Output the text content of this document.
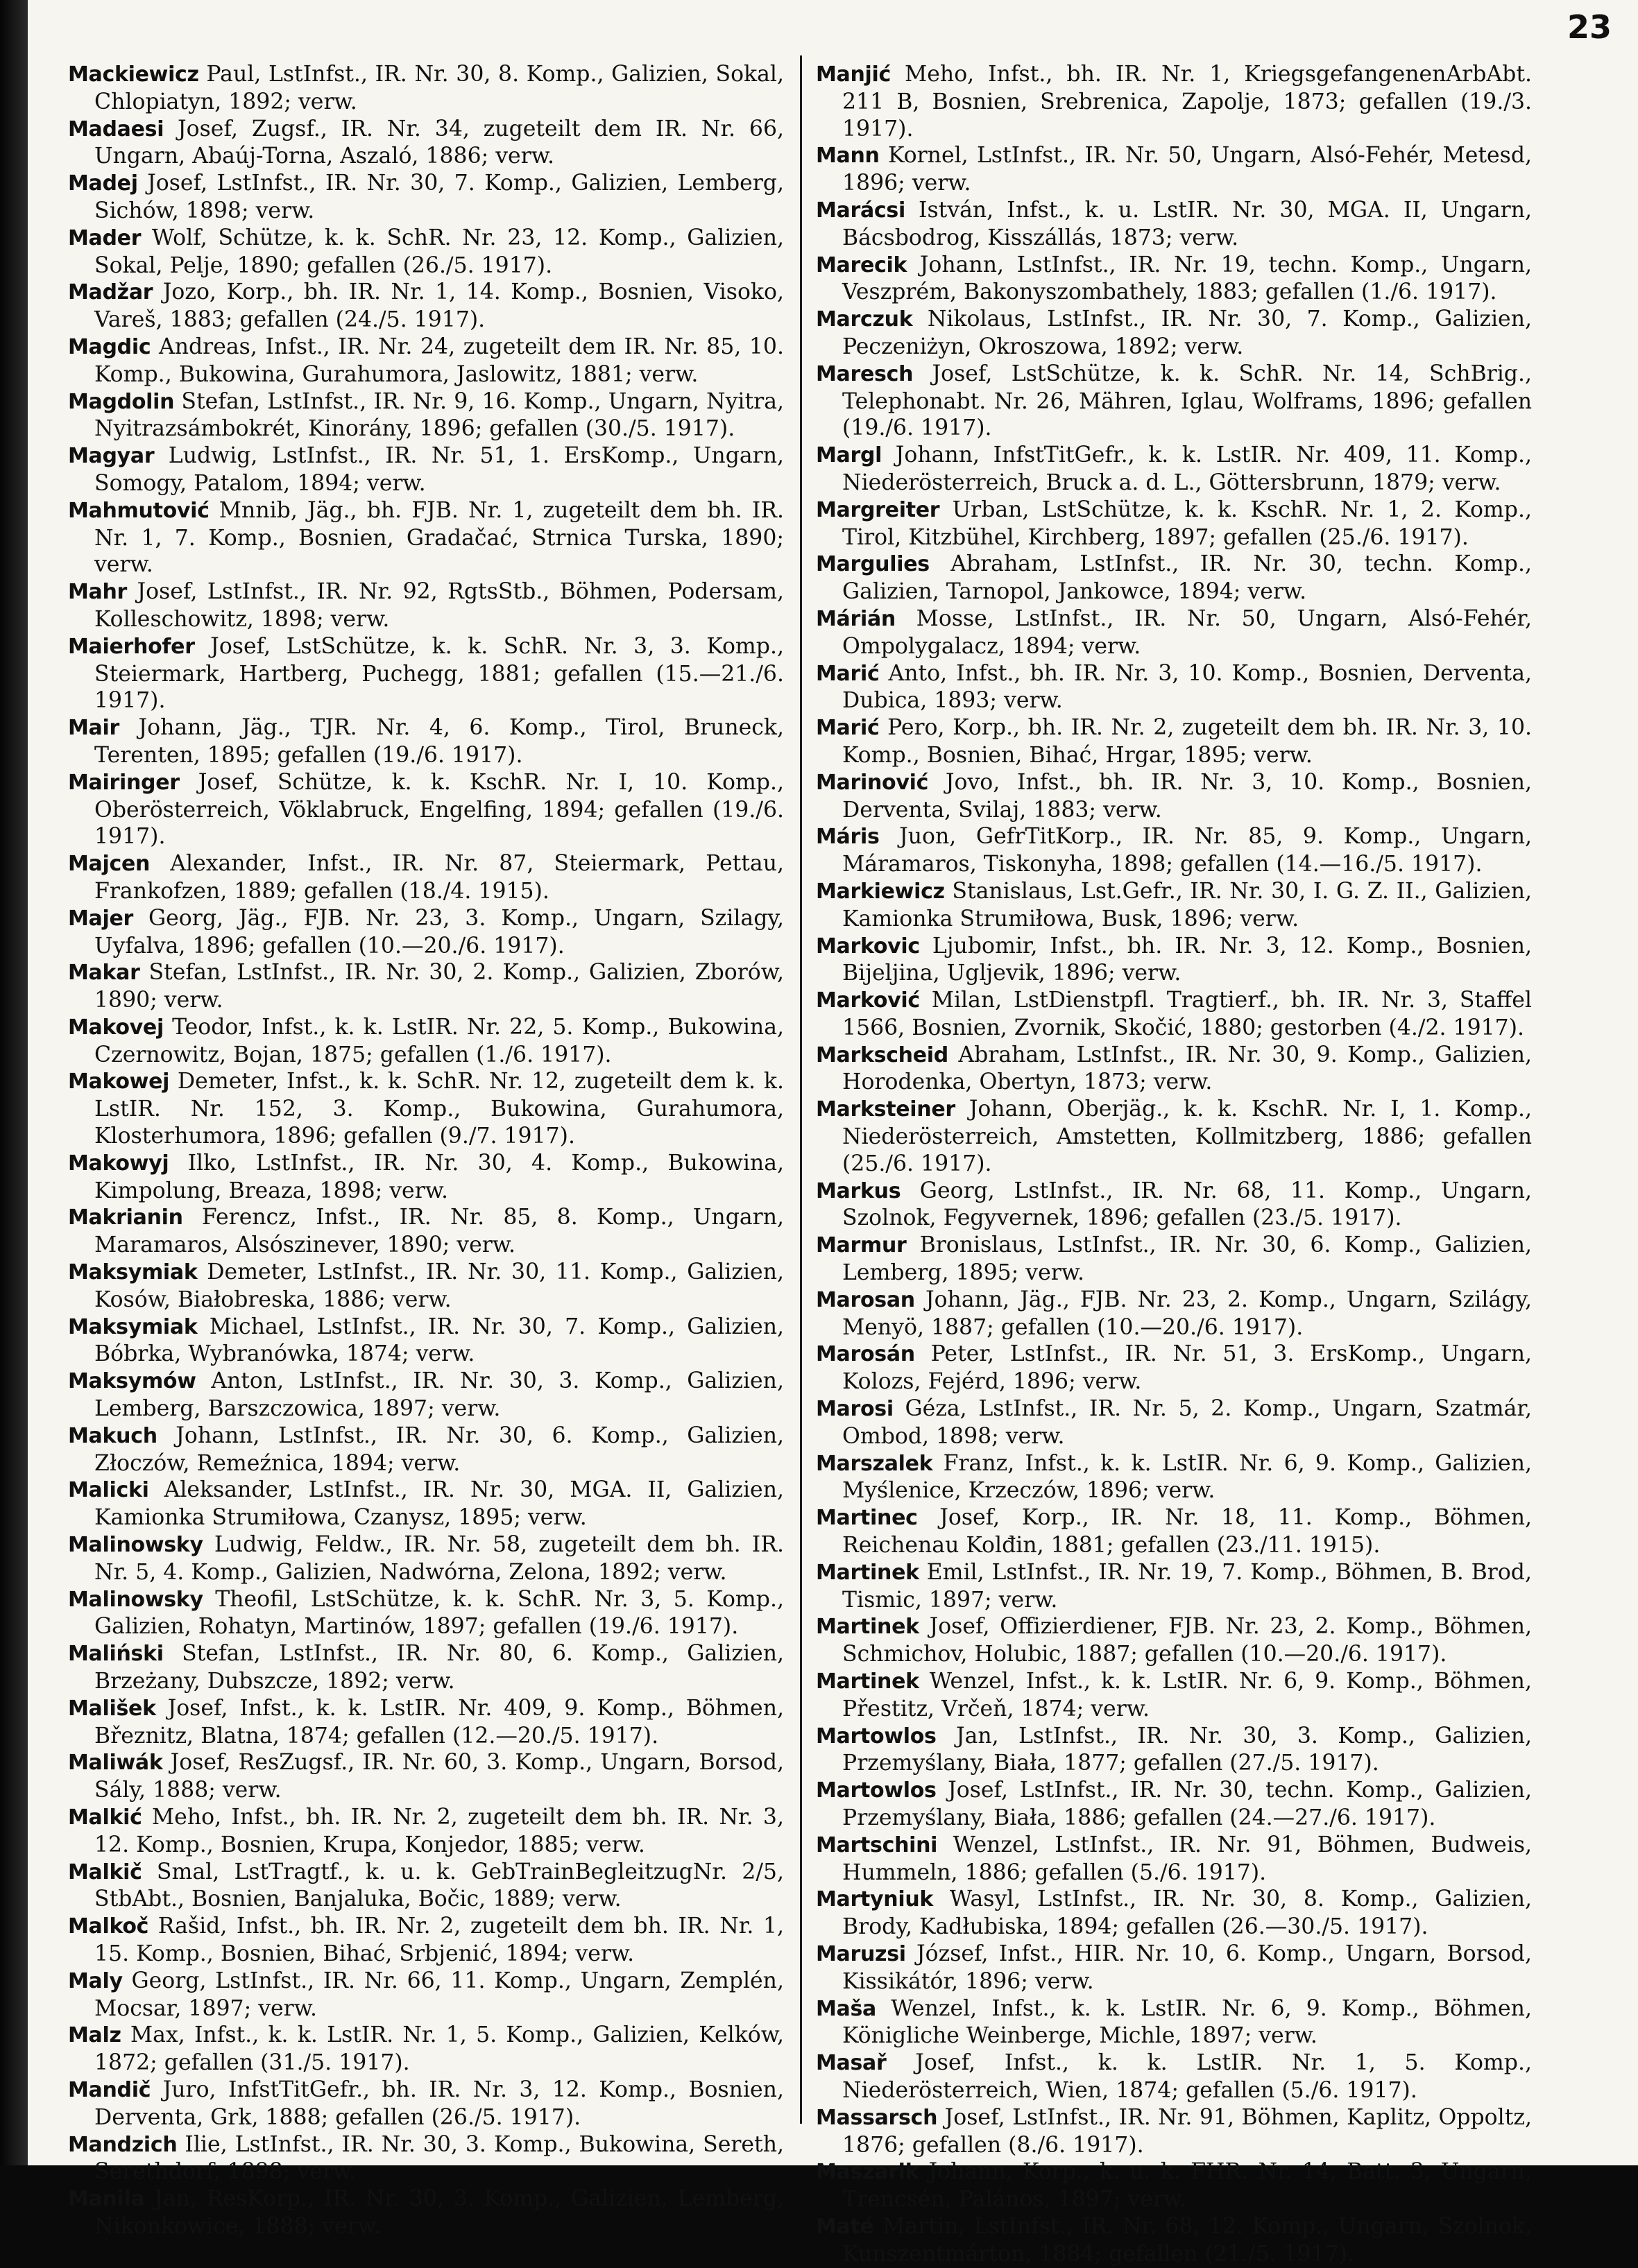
23

Mackiewicz Paul, LstInfst., IR. Nr. 30, 8. Komp., Galizien, Sokal, Chlopiatyn, 1892; verw.

Madaesi Josef, Zugsf., IR. Nr. 34, zugeteilt dem IR. Nr. 66, Ungarn, Abaúj-Torna, Aszaló, 1886; verw.

Madej Josef, LstInfst., IR. Nr. 30, 7. Komp., Galizien, Lemberg, Sichów, 1898; verw.

Mader Wolf, Schütze, k. k. SchR. Nr. 23, 12. Komp., Galizien, Sokal, Pelje, 1890; gefallen (26./5. 1917).

Madžar Jozo, Korp., bh. IR. Nr. 1, 14. Komp., Bosnien, Visoko, Vareš, 1883; gefallen (24./5. 1917).

Magdic Andreas, Infst., IR. Nr. 24, zugeteilt dem IR. Nr. 85, 10. Komp., Bukowina, Gurahumora, Jaslowitz, 1881; verw.

Magdolin Stefan, LstInfst., IR. Nr. 9, 16. Komp., Ungarn, Nyitra, Nyitrazsámbokrét, Kinorány, 1896; gefallen (30./5. 1917).

Magyar Ludwig, LstInfst., IR. Nr. 51, 1. ErsKomp., Ungarn, Somogy, Patalom, 1894; verw.

Mahmutović Mnnib, Jäg., bh. FJB. Nr. 1, zugeteilt dem bh. IR. Nr. 1, 7. Komp., Bosnien, Gradačać, Strnica Turska, 1890; verw.

Mahr Josef, LstInfst., IR. Nr. 92, RgtsStb., Böhmen, Podersam, Kolleschowitz, 1898; verw.

Maierhofer Josef, LstSchütze, k. k. SchR. Nr. 3, 3. Komp., Steiermark, Hartberg, Puchegg, 1881; gefallen (15.—21./6. 1917).

Mair Johann, Jäg., TJR. Nr. 4, 6. Komp., Tirol, Bruneck, Terenten, 1895; gefallen (19./6. 1917).

Mairinger Josef, Schütze, k. k. KschR. Nr. I, 10. Komp., Oberösterreich, Vöklabruck, Engelfing, 1894; gefallen (19./6. 1917).

Majcen Alexander, Infst., IR. Nr. 87, Steiermark, Pettau, Frankofzen, 1889; gefallen (18./4. 1915).

Majer Georg, Jäg., FJB. Nr. 23, 3. Komp., Ungarn, Szilagy, Uyfalva, 1896; gefallen (10.—20./6. 1917).

Makar Stefan, LstInfst., IR. Nr. 30, 2. Komp., Galizien, Zborów, 1890; verw.

Makovej Teodor, Infst., k. k. LstIR. Nr. 22, 5. Komp., Bukowina, Czernowitz, Bojan, 1875; gefallen (1./6. 1917).

Makowej Demeter, Infst., k. k. SchR. Nr. 12, zugeteilt dem k. k. LstIR. Nr. 152, 3. Komp., Bukowina, Gurahumora, Klosterhumora, 1896; gefallen (9./7. 1917).

Makowyj Ilko, LstInfst., IR. Nr. 30, 4. Komp., Bukowina, Kimpolung, Breaza, 1898; verw.

Makrianin Ferencz, Infst., IR. Nr. 85, 8. Komp., Ungarn, Maramaros, Alsószinever, 1890; verw.

Maksymiak Demeter, LstInfst., IR. Nr. 30, 11. Komp., Galizien, Kosów, Białobreska, 1886; verw.

Maksymiak Michael, LstInfst., IR. Nr. 30, 7. Komp., Galizien, Bóbrka, Wybranówka, 1874; verw.

Maksymów Anton, LstInfst., IR. Nr. 30, 3. Komp., Galizien, Lemberg, Barszczowica, 1897; verw.

Makuch Johann, LstInfst., IR. Nr. 30, 6. Komp., Galizien, Złoczów, Remeźnica, 1894; verw.

Malicki Aleksander, LstInfst., IR. Nr. 30, MGA. II, Galizien, Kamionka Strumiłowa, Czanysz, 1895; verw.

Malinowsky Ludwig, Feldw., IR. Nr. 58, zugeteilt dem bh. IR. Nr. 5, 4. Komp., Galizien, Nadwórna, Zelona, 1892; verw.

Malinowsky Theofil, LstSchütze, k. k. SchR. Nr. 3, 5. Komp., Galizien, Rohatyn, Martinów, 1897; gefallen (19./6. 1917).

Maliński Stefan, LstInfst., IR. Nr. 80, 6. Komp., Galizien, Brzeżany, Dubszcze, 1892; verw.

Mališek Josef, Infst., k. k. LstIR. Nr. 409, 9. Komp., Böhmen, Březnitz, Blatna, 1874; gefallen (12.—20./5. 1917).

Maliwák Josef, ResZugsf., IR. Nr. 60, 3. Komp., Ungarn, Borsod, Sály, 1888; verw.

Malkić Meho, Infst., bh. IR. Nr. 2, zugeteilt dem bh. IR. Nr. 3, 12. Komp., Bosnien, Krupa, Konjedor, 1885; verw.

Malkič Smal, LstTragtf., k. u. k. GebTrainBegleitzugNr. 2/5, StbAbt., Bosnien, Banjaluka, Bočic, 1889; verw.

Malkoč Rašid, Infst., bh. IR. Nr. 2, zugeteilt dem bh. IR. Nr. 1, 15. Komp., Bosnien, Bihać, Srbjenić, 1894; verw.

Maly Georg, LstInfst., IR. Nr. 66, 11. Komp., Ungarn, Zemplén, Mocsar, 1897; verw.

Malz Max, Infst., k. k. LstIR. Nr. 1, 5. Komp., Galizien, Kelków, 1872; gefallen (31./5. 1917).

Mandič Juro, InfstTitGefr., bh. IR. Nr. 3, 12. Komp., Bosnien, Derventa, Grk, 1888; gefallen (26./5. 1917).

Mandzich Ilie, LstInfst., IR. Nr. 30, 3. Komp., Bukowina, Sereth, Serethdorf, 1898; verw.

Manila Jan, ResKorp., IR. Nr. 30, 3. Komp., Galizien, Lemberg, Nikonkowice, 1888; verw.

Manjić Meho, Infst., bh. IR. Nr. 1, KriegsgefangenenArbAbt. 211 B, Bosnien, Srebrenica, Zapolje, 1873; gefallen (19./3. 1917).

Mann Kornel, LstInfst., IR. Nr. 50, Ungarn, Alsó-Fehér, Metesd, 1896; verw.

Marácsi István, Infst., k. u. LstIR. Nr. 30, MGA. II, Ungarn, Bácsbodrog, Kisszállás, 1873; verw.

Marecik Johann, LstInfst., IR. Nr. 19, techn. Komp., Ungarn, Veszprém, Bakonyszombathely, 1883; gefallen (1./6. 1917).

Marczuk Nikolaus, LstInfst., IR. Nr. 30, 7. Komp., Galizien, Peczeniżyn, Okroszowa, 1892; verw.

Maresch Josef, LstSchütze, k. k. SchR. Nr. 14, SchBrig., Telephonabt. Nr. 26, Mähren, Iglau, Wolframs, 1896; gefallen (19./6. 1917).

Margl Johann, InfstTitGefr., k. k. LstIR. Nr. 409, 11. Komp., Niederösterreich, Bruck a. d. L., Göttersbrunn, 1879; verw.

Margreiter Urban, LstSchütze, k. k. KschR. Nr. 1, 2. Komp., Tirol, Kitzbühel, Kirchberg, 1897; gefallen (25./6. 1917).

Margulies Abraham, LstInfst., IR. Nr. 30, techn. Komp., Galizien, Tarnopol, Jankowce, 1894; verw.

Márián Mosse, LstInfst., IR. Nr. 50, Ungarn, Alsó-Fehér, Ompolygalacz, 1894; verw.

Marić Anto, Infst., bh. IR. Nr. 3, 10. Komp., Bosnien, Derventa, Dubica, 1893; verw.

Marić Pero, Korp., bh. IR. Nr. 2, zugeteilt dem bh. IR. Nr. 3, 10. Komp., Bosnien, Bihać, Hrgar, 1895; verw.

Marinović Jovo, Infst., bh. IR. Nr. 3, 10. Komp., Bosnien, Derventa, Svilaj, 1883; verw.

Máris Juon, GefrTitKorp., IR. Nr. 85, 9. Komp., Ungarn, Máramaros, Tiskonyha, 1898; gefallen (14.—16./5. 1917).

Markiewicz Stanislaus, Lst.Gefr., IR. Nr. 30, I. G. Z. II., Galizien, Kamionka Strumiłowa, Busk, 1896; verw.

Markovic Ljubomir, Infst., bh. IR. Nr. 3, 12. Komp., Bosnien, Bijeljina, Ugljevik, 1896; verw.

Marković Milan, LstDienstpfl. Tragtierf., bh. IR. Nr. 3, Staffel 1566, Bosnien, Zvornik, Skočić, 1880; gestorben (4./2. 1917).

Markscheid Abraham, LstInfst., IR. Nr. 30, 9. Komp., Galizien, Horodenka, Obertyn, 1873; verw.

Marksteiner Johann, Oberjäg., k. k. KschR. Nr. I, 1. Komp., Niederösterreich, Amstetten, Kollmitzberg, 1886; gefallen (25./6. 1917).

Markus Georg, LstInfst., IR. Nr. 68, 11. Komp., Ungarn, Szolnok, Fegyvernek, 1896; gefallen (23./5. 1917).

Marmur Bronislaus, LstInfst., IR. Nr. 30, 6. Komp., Galizien, Lemberg, 1895; verw.

Marosan Johann, Jäg., FJB. Nr. 23, 2. Komp., Ungarn, Szilágy, Menyö, 1887; gefallen (10.—20./6. 1917).

Marosán Peter, LstInfst., IR. Nr. 51, 3. ErsKomp., Ungarn, Kolozs, Fejérd, 1896; verw.

Marosi Géza, LstInfst., IR. Nr. 5, 2. Komp., Ungarn, Szatmár, Ombod, 1898; verw.

Marszalek Franz, Infst., k. k. LstIR. Nr. 6, 9. Komp., Galizien, Myślenice, Krzeczów, 1896; verw.

Martinec Josef, Korp., IR. Nr. 18, 11. Komp., Böhmen, Reichenau Kolđin, 1881; gefallen (23./11. 1915).

Martinek Emil, LstInfst., IR. Nr. 19, 7. Komp., Böhmen, B. Brod, Tismic, 1897; verw.

Martinek Josef, Offizierdiener, FJB. Nr. 23, 2. Komp., Böhmen, Schmichov, Holubic, 1887; gefallen (10.—20./6. 1917).

Martinek Wenzel, Infst., k. k. LstIR. Nr. 6, 9. Komp., Böhmen, Přestitz, Vrčeň, 1874; verw.

Martowlos Jan, LstInfst., IR. Nr. 30, 3. Komp., Galizien, Przemyślany, Biała, 1877; gefallen (27./5. 1917).

Martowlos Josef, LstInfst., IR. Nr. 30, techn. Komp., Galizien, Przemyślany, Biała, 1886; gefallen (24.—27./6. 1917).

Martschini Wenzel, LstInfst., IR. Nr. 91, Böhmen, Budweis, Hummeln, 1886; gefallen (5./6. 1917).

Martyniuk Wasyl, LstInfst., IR. Nr. 30, 8. Komp., Galizien, Brody, Kadłubiska, 1894; gefallen (26.—30./5. 1917).

Maruzsi József, Infst., HIR. Nr. 10, 6. Komp., Ungarn, Borsod, Kissikátór, 1896; verw.

Maša Wenzel, Infst., k. k. LstIR. Nr. 6, 9. Komp., Böhmen, Königliche Weinberge, Michle, 1897; verw.

Masař Josef, Infst., k. k. LstIR. Nr. 1, 5. Komp., Niederösterreich, Wien, 1874; gefallen (5./6. 1917).

Massarsch Josef, LstInfst., IR. Nr. 91, Böhmen, Kaplitz, Oppoltz, 1876; gefallen (8./6. 1917).

Maszarik Johann, Korp., k. u. k. FHR. Nr. 14, Batt. 3, Ungarn, Trencsén, Palános, 1897; verw.

Maté Martin, LstInfst., IR. Nr. 68, 12. Komp., Ungarn, Szolnok, Kunszentmárton, 1884; gefallen (21./5. 1917).
